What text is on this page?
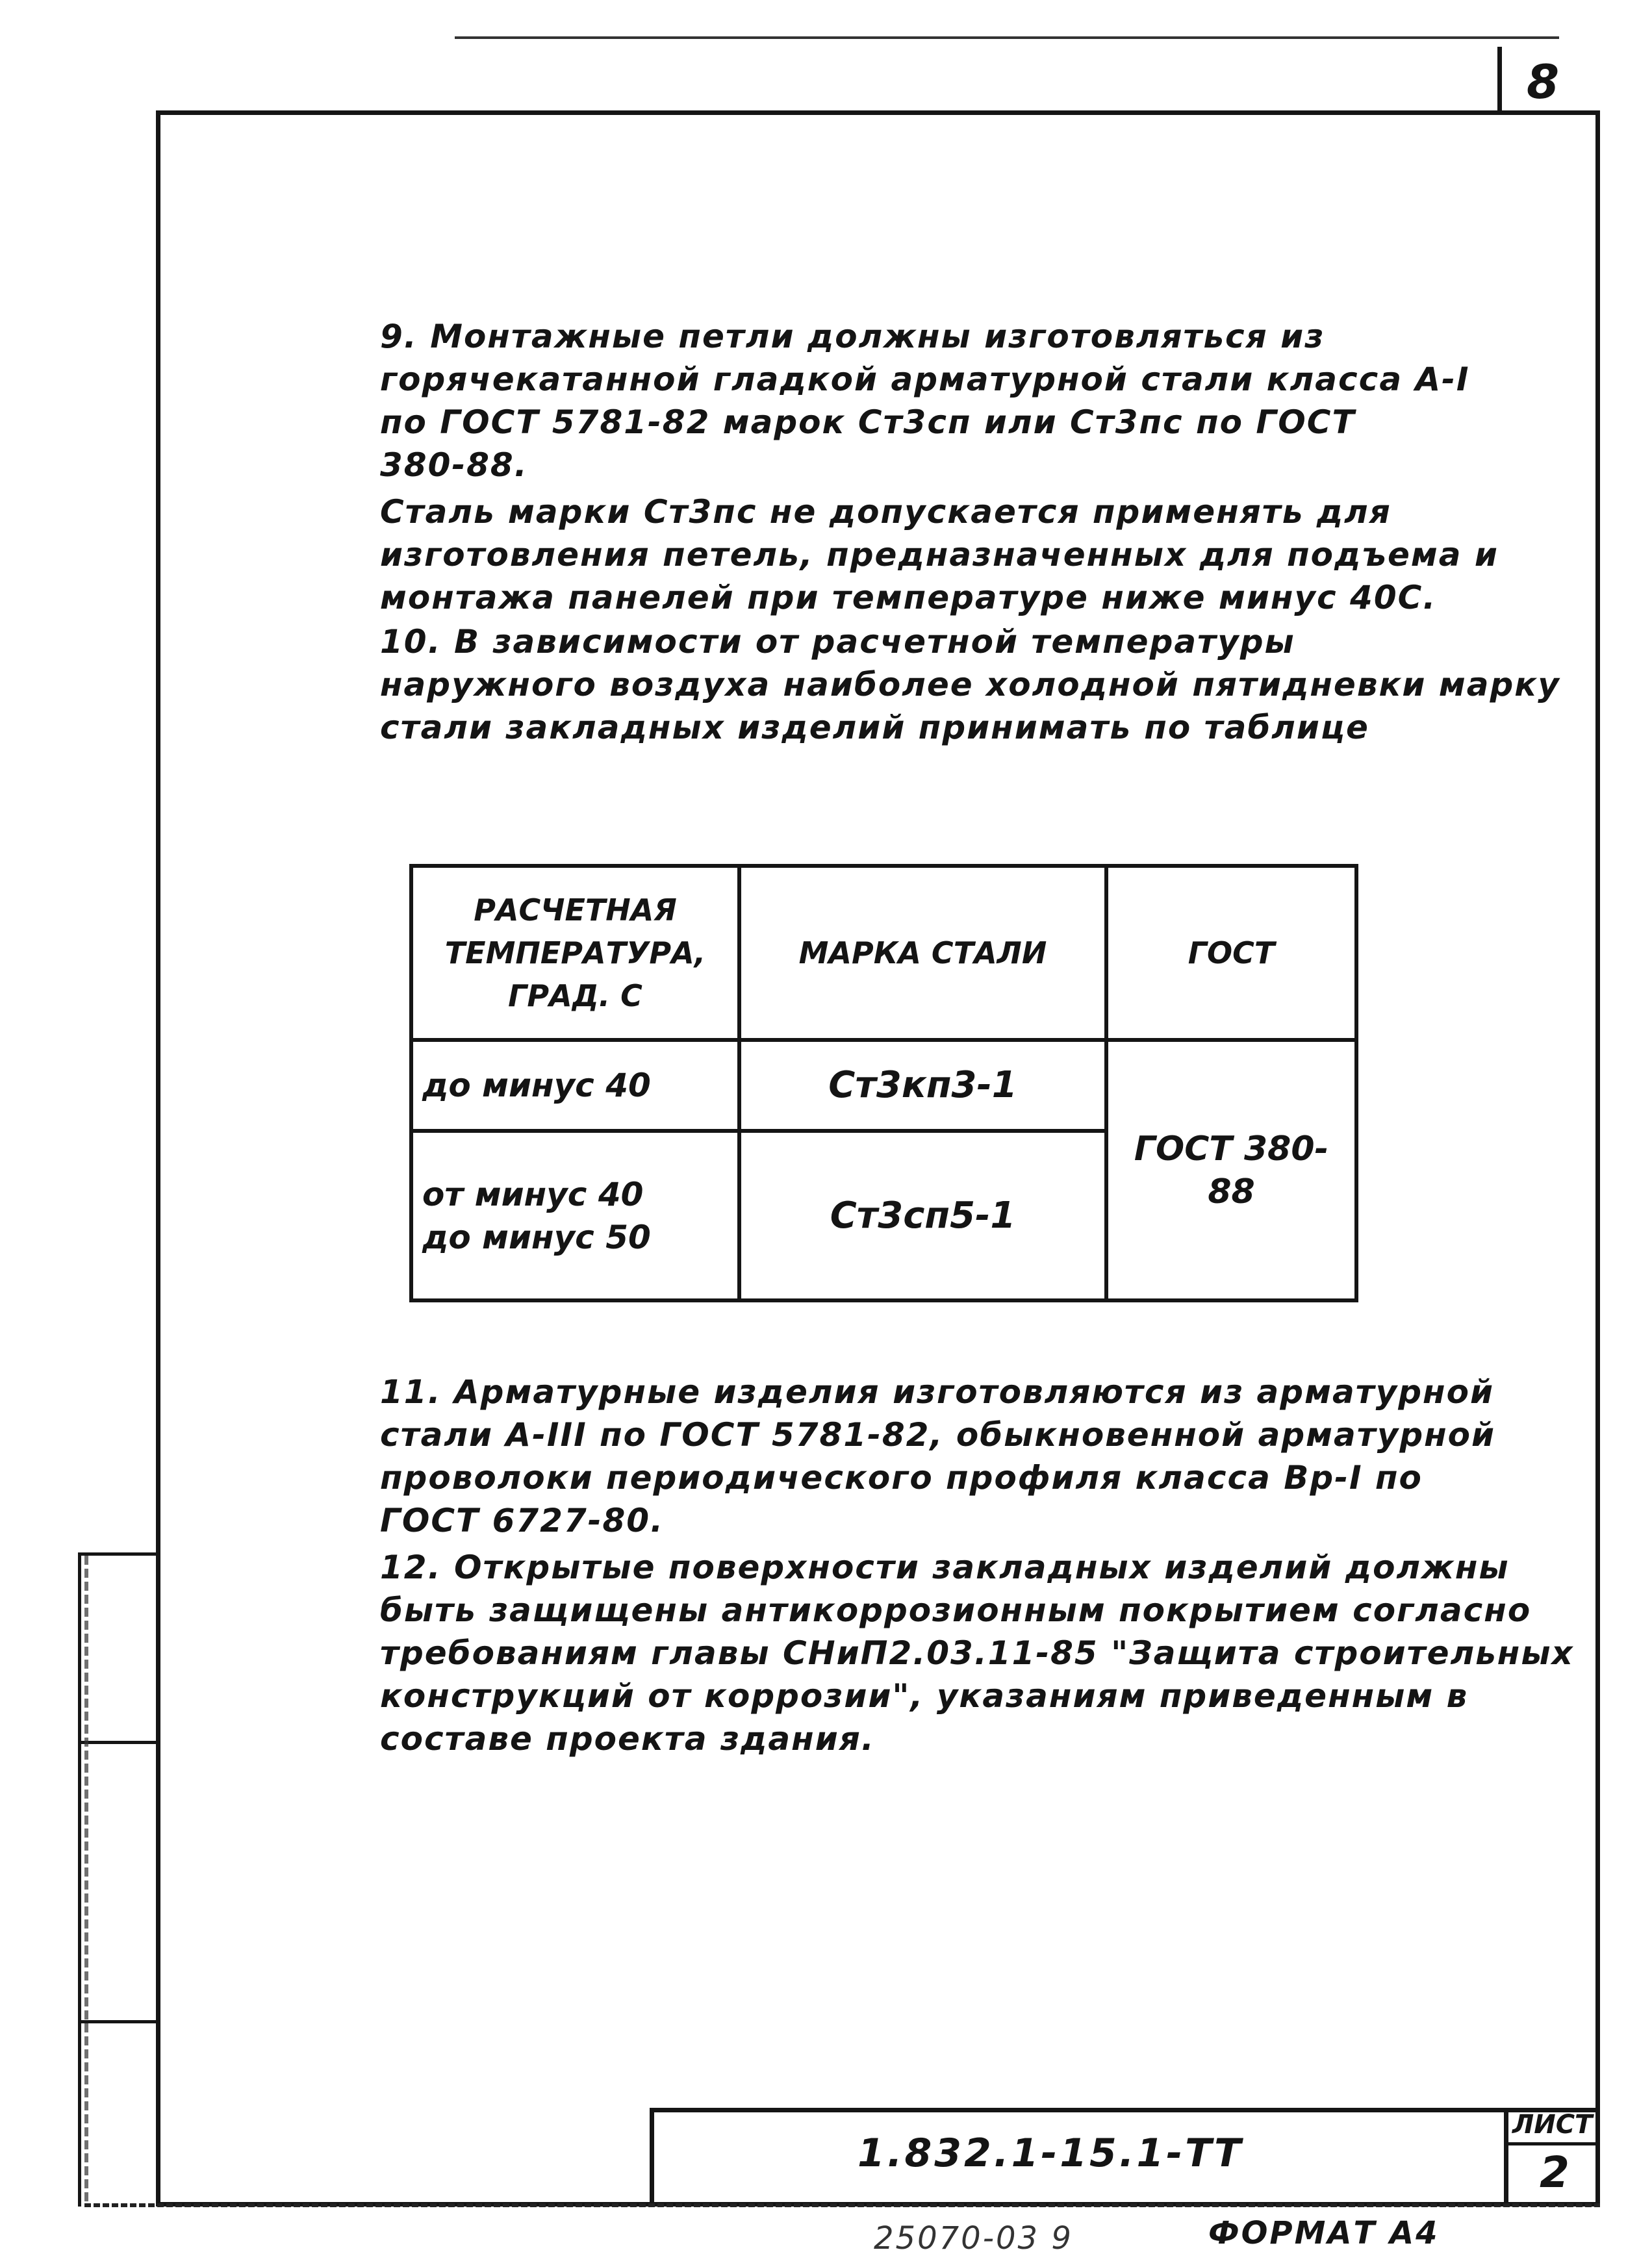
8
9. Монтажные петли должны изготовляться из
горячекатанной гладкой арматурной стали класса А-I
по ГОСТ 5781-82 марок Ст3сп или Ст3пс по ГОСТ
380-88.
Сталь марки Ст3пс не допускается применять для
изготовления петель, предназначенных для подъема и
монтажа панелей при температуре ниже минус 40С.
10. В зависимости от расчетной температуры
наружного воздуха наиболее холодной пятидневки марку
стали закладных изделий принимать по таблице
РАСЧЕТНАЯ ТЕМПЕРАТУРА, ГРАД. С	МАРКА СТАЛИ	ГОСТ
до минус 40	Ст3кп3-1	ГОСТ 380-88

от минус 40
до минус 50	Ст3сп5-1	
11. Арматурные изделия изготовляются из арматурной
стали А-III по ГОСТ 5781-82, обыкновенной арматурной
проволоки периодического профиля класса Вр-I по
ГОСТ 6727-80.
12. Открытые поверхности закладных изделий должны
быть защищены антикоррозионным покрытием согласно
требованиям главы СНиП2.03.11-85 "Защита строительных
конструкций от коррозии", указаниям приведенным в
составе проекта здания.
1.832.1-15.1-ТТ
ЛИСТ
2
25070-03 9	ФОРМАТ А4
